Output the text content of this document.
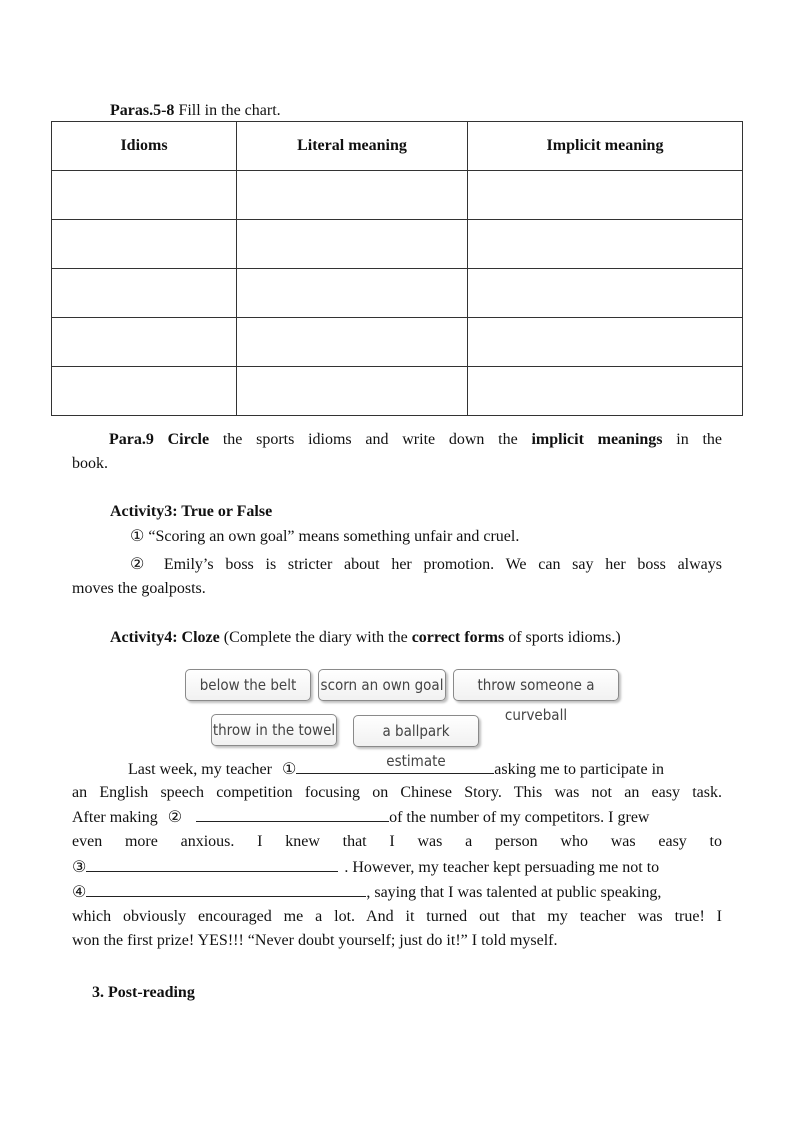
Paras.5-8 Fill in the chart.
Idioms	Literal meaning	Implicit meaning

Para.9 Circle the sports idioms and write down the implicit meanings in the
book.
Activity3: True or False
① “Scoring an own goal” means something unfair and cruel.
② Emily’s boss is stricter about her promotion. We can say her boss always
moves the goalposts.
Activity4: Cloze (Complete the diary with the correct forms of sports idioms.)
below the belt	scorn an own goal	throw someone a curveball
throw in the towel	a ballpark estimate
Last week, my teacher ①	asking me to participate in
an English speech competition focusing on Chinese Story. This was not an easy task.
After making ②	of the number of my competitors. I grew
even more anxious. I knew that I was a person who was easy to
③	. However, my teacher kept persuading me not to
④	, saying that I was talented at public speaking,
which obviously encouraged me a lot. And it turned out that my teacher was true! I
won the first prize! YES!!! “Never doubt yourself; just do it!” I told myself.
3. Post-reading
